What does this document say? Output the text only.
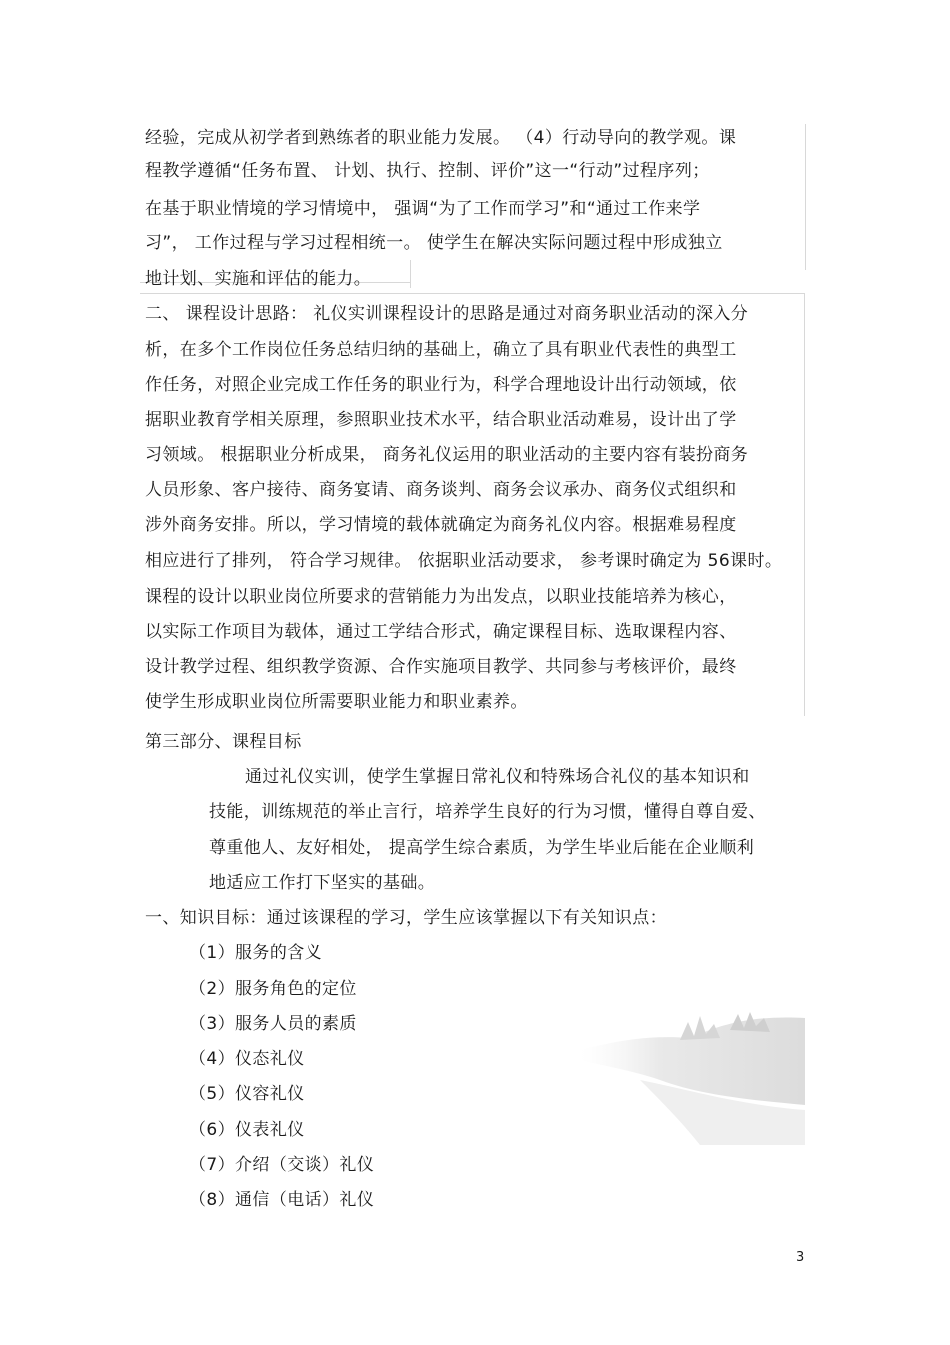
经验，完成从初学者到熟练者的职业能力发展。 （4）行动导向的教学观。课
程教学遵循“任务布置、 计划、执行、控制、评价”这一“行动”过程序列；
在基于职业情境的学习情境中， 强调“为了工作而学习”和“通过工作来学
习”， 工作过程与学习过程相统一。 使学生在解决实际问题过程中形成独立
地计划、实施和评估的能力。
二、 课程设计思路： 礼仪实训课程设计的思路是通过对商务职业活动的深入分
析，在多个工作岗位任务总结归纳的基础上，确立了具有职业代表性的典型工
作任务，对照企业完成工作任务的职业行为，科学合理地设计出行动领域，依
据职业教育学相关原理，参照职业技术水平，结合职业活动难易，设计出了学
习领域。 根据职业分析成果， 商务礼仪运用的职业活动的主要内容有装扮商务
人员形象、客户接待、商务宴请、商务谈判、商务会议承办、商务仪式组织和
涉外商务安排。所以，学习情境的载体就确定为商务礼仪内容。根据难易程度
相应进行了排列， 符合学习规律。 依据职业活动要求， 参考课时确定为 56课时。
课程的设计以职业岗位所要求的营销能力为出发点，以职业技能培养为核心，
以实际工作项目为载体，通过工学结合形式，确定课程目标、选取课程内容、
设计教学过程、组织教学资源、合作实施项目教学、共同参与考核评价，最终
使学生形成职业岗位所需要职业能力和职业素养。
第三部分、课程目标
通过礼仪实训，使学生掌握日常礼仪和特殊场合礼仪的基本知识和
技能，训练规范的举止言行，培养学生良好的行为习惯，懂得自尊自爱、
尊重他人、友好相处， 提高学生综合素质，为学生毕业后能在企业顺利
地适应工作打下坚实的基础。
一、知识目标：通过该课程的学习，学生应该掌握以下有关知识点：
（1）服务的含义
（2）服务角色的定位
（3）服务人员的素质
（4）仪态礼仪
（5）仪容礼仪
（6）仪表礼仪
（7）介绍（交谈）礼仪
（8）通信（电话）礼仪
3
